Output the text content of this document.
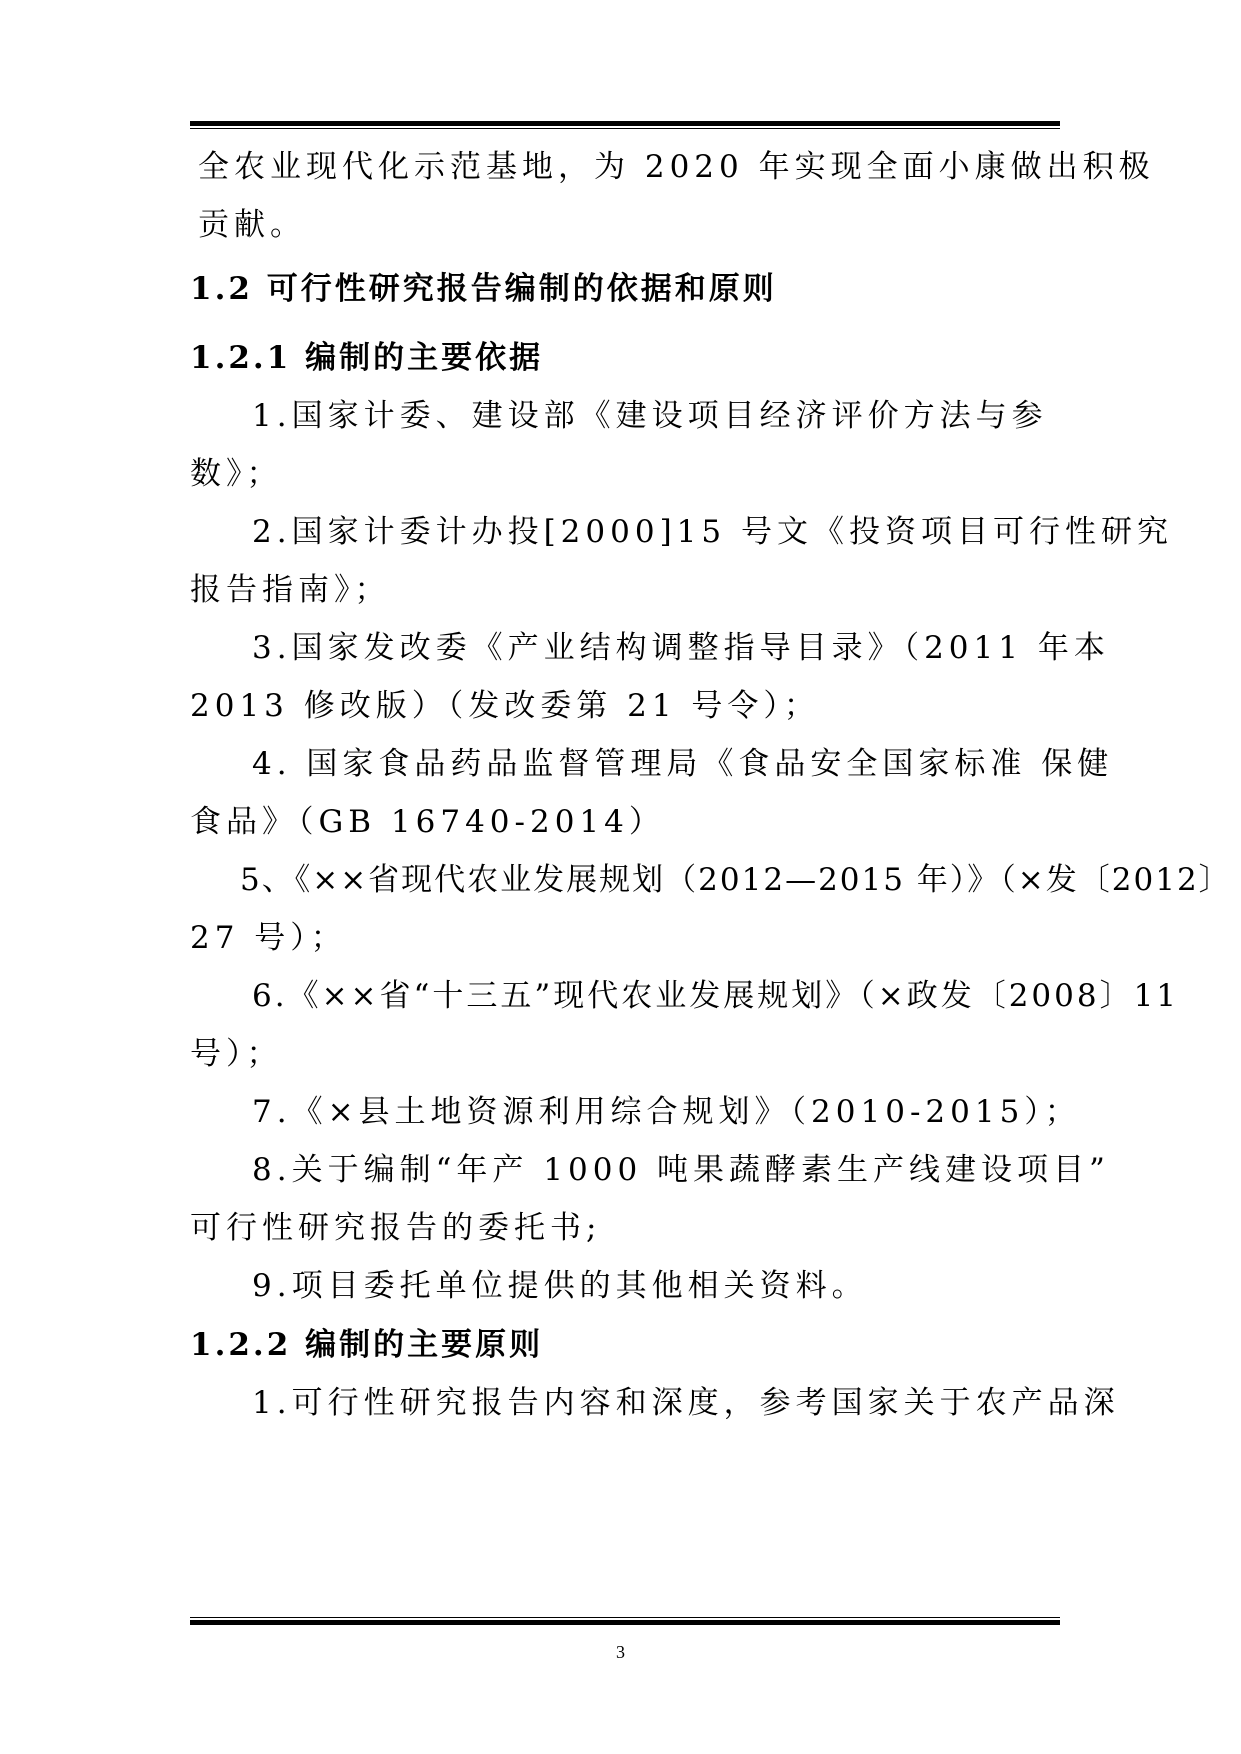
全农业现代化示范基地，为 2020 年实现全面小康做出积极
贡献。
1.2 可行性研究报告编制的依据和原则
1.2.1 编制的主要依据
1.国家计委、建设部《建设项目经济评价方法与参
数》；
2.国家计委计办投[2000]15 号文《投资项目可行性研究
报告指南》；
3.国家发改委《产业结构调整指导目录》（2011 年本
2013 修改版）（发改委第 21 号令）；
4. 国家食品药品监督管理局《食品安全国家标准 保健
食品》（GB 16740-2014）
5、《××省现代农业发展规划（2012—2015 年）》（×发〔2012〕
27 号）；
6.《××省“十三五”现代农业发展规划》（×政发〔2008〕11
号）；
7.《×县土地资源利用综合规划》（2010-2015）；
8.关于编制“年产 1000 吨果蔬酵素生产线建设项目”
可行性研究报告的委托书;
9.项目委托单位提供的其他相关资料。
1.2.2 编制的主要原则
1.可行性研究报告内容和深度，参考国家关于农产品深
3
